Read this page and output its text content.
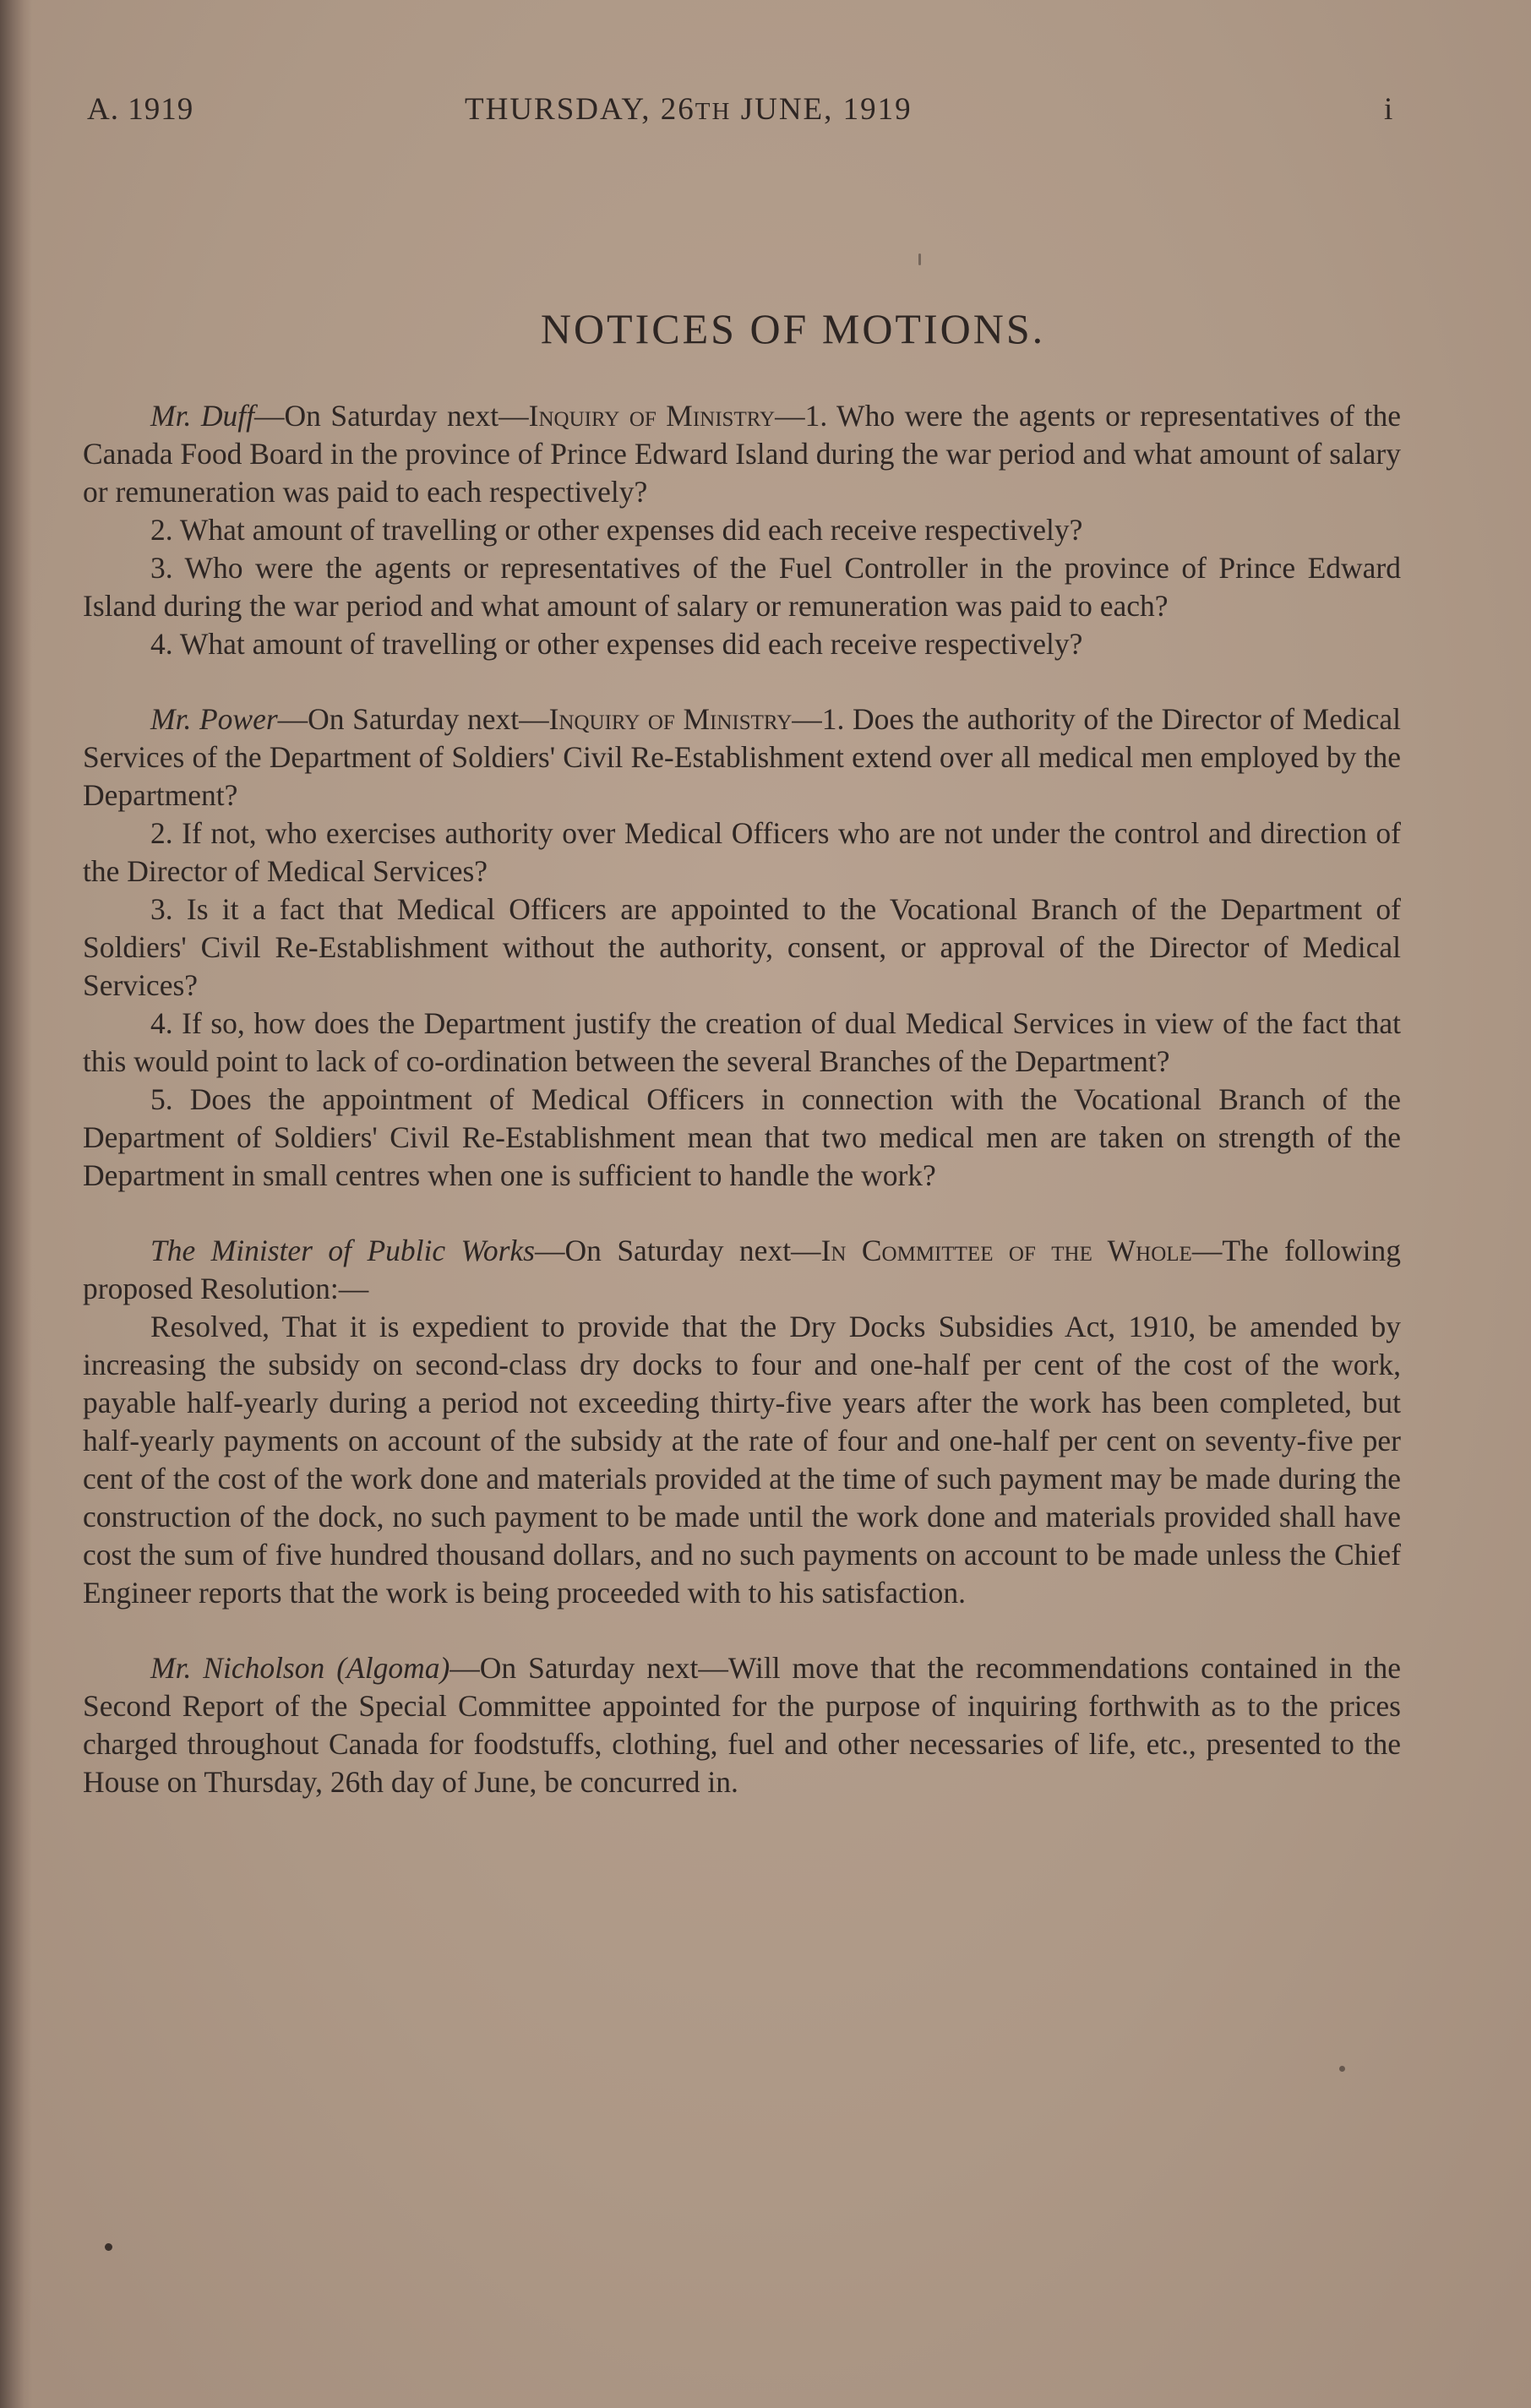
A. 1919	THURSDAY, 26TH JUNE, 1919	i
NOTICES OF MOTIONS.

Mr. Duff—On Saturday next—Inquiry of Ministry—1. Who were the agents or representatives of the Canada Food Board in the province of Prince Edward Island during the war period and what amount of salary or remuneration was paid to each respectively?

2. What amount of travelling or other expenses did each receive respectively?

3. Who were the agents or representatives of the Fuel Controller in the province of Prince Edward Island during the war period and what amount of salary or remuneration was paid to each?

4. What amount of travelling or other expenses did each receive respectively?

Mr. Power—On Saturday next—Inquiry of Ministry—1. Does the authority of the Director of Medical Services of the Department of Soldiers' Civil Re-Establishment extend over all medical men employed by the Department?

2. If not, who exercises authority over Medical Officers who are not under the control and direction of the Director of Medical Services?

3. Is it a fact that Medical Officers are appointed to the Vocational Branch of the Department of Soldiers' Civil Re-Establishment without the authority, consent, or approval of the Director of Medical Services?

4. If so, how does the Department justify the creation of dual Medical Services in view of the fact that this would point to lack of co-ordination between the several Branches of the Department?

5. Does the appointment of Medical Officers in connection with the Vocational Branch of the Department of Soldiers' Civil Re-Establishment mean that two medical men are taken on strength of the Department in small centres when one is sufficient to handle the work?

The Minister of Public Works—On Saturday next—In Committee of the Whole—The following proposed Resolution:—

Resolved, That it is expedient to provide that the Dry Docks Subsidies Act, 1910, be amended by increasing the subsidy on second-class dry docks to four and one-half per cent of the cost of the work, payable half-yearly during a period not exceeding thirty-five years after the work has been completed, but half-yearly payments on account of the subsidy at the rate of four and one-half per cent on seventy-five per cent of the cost of the work done and materials provided at the time of such payment may be made during the construction of the dock, no such payment to be made until the work done and materials provided shall have cost the sum of five hundred thousand dollars, and no such payments on account to be made unless the Chief Engineer reports that the work is being proceeded with to his satisfaction.

Mr. Nicholson (Algoma)—On Saturday next—Will move that the recommendations contained in the Second Report of the Special Committee appointed for the purpose of inquiring forthwith as to the prices charged throughout Canada for foodstuffs, clothing, fuel and other necessaries of life, etc., presented to the House on Thursday, 26th day of June, be concurred in.
